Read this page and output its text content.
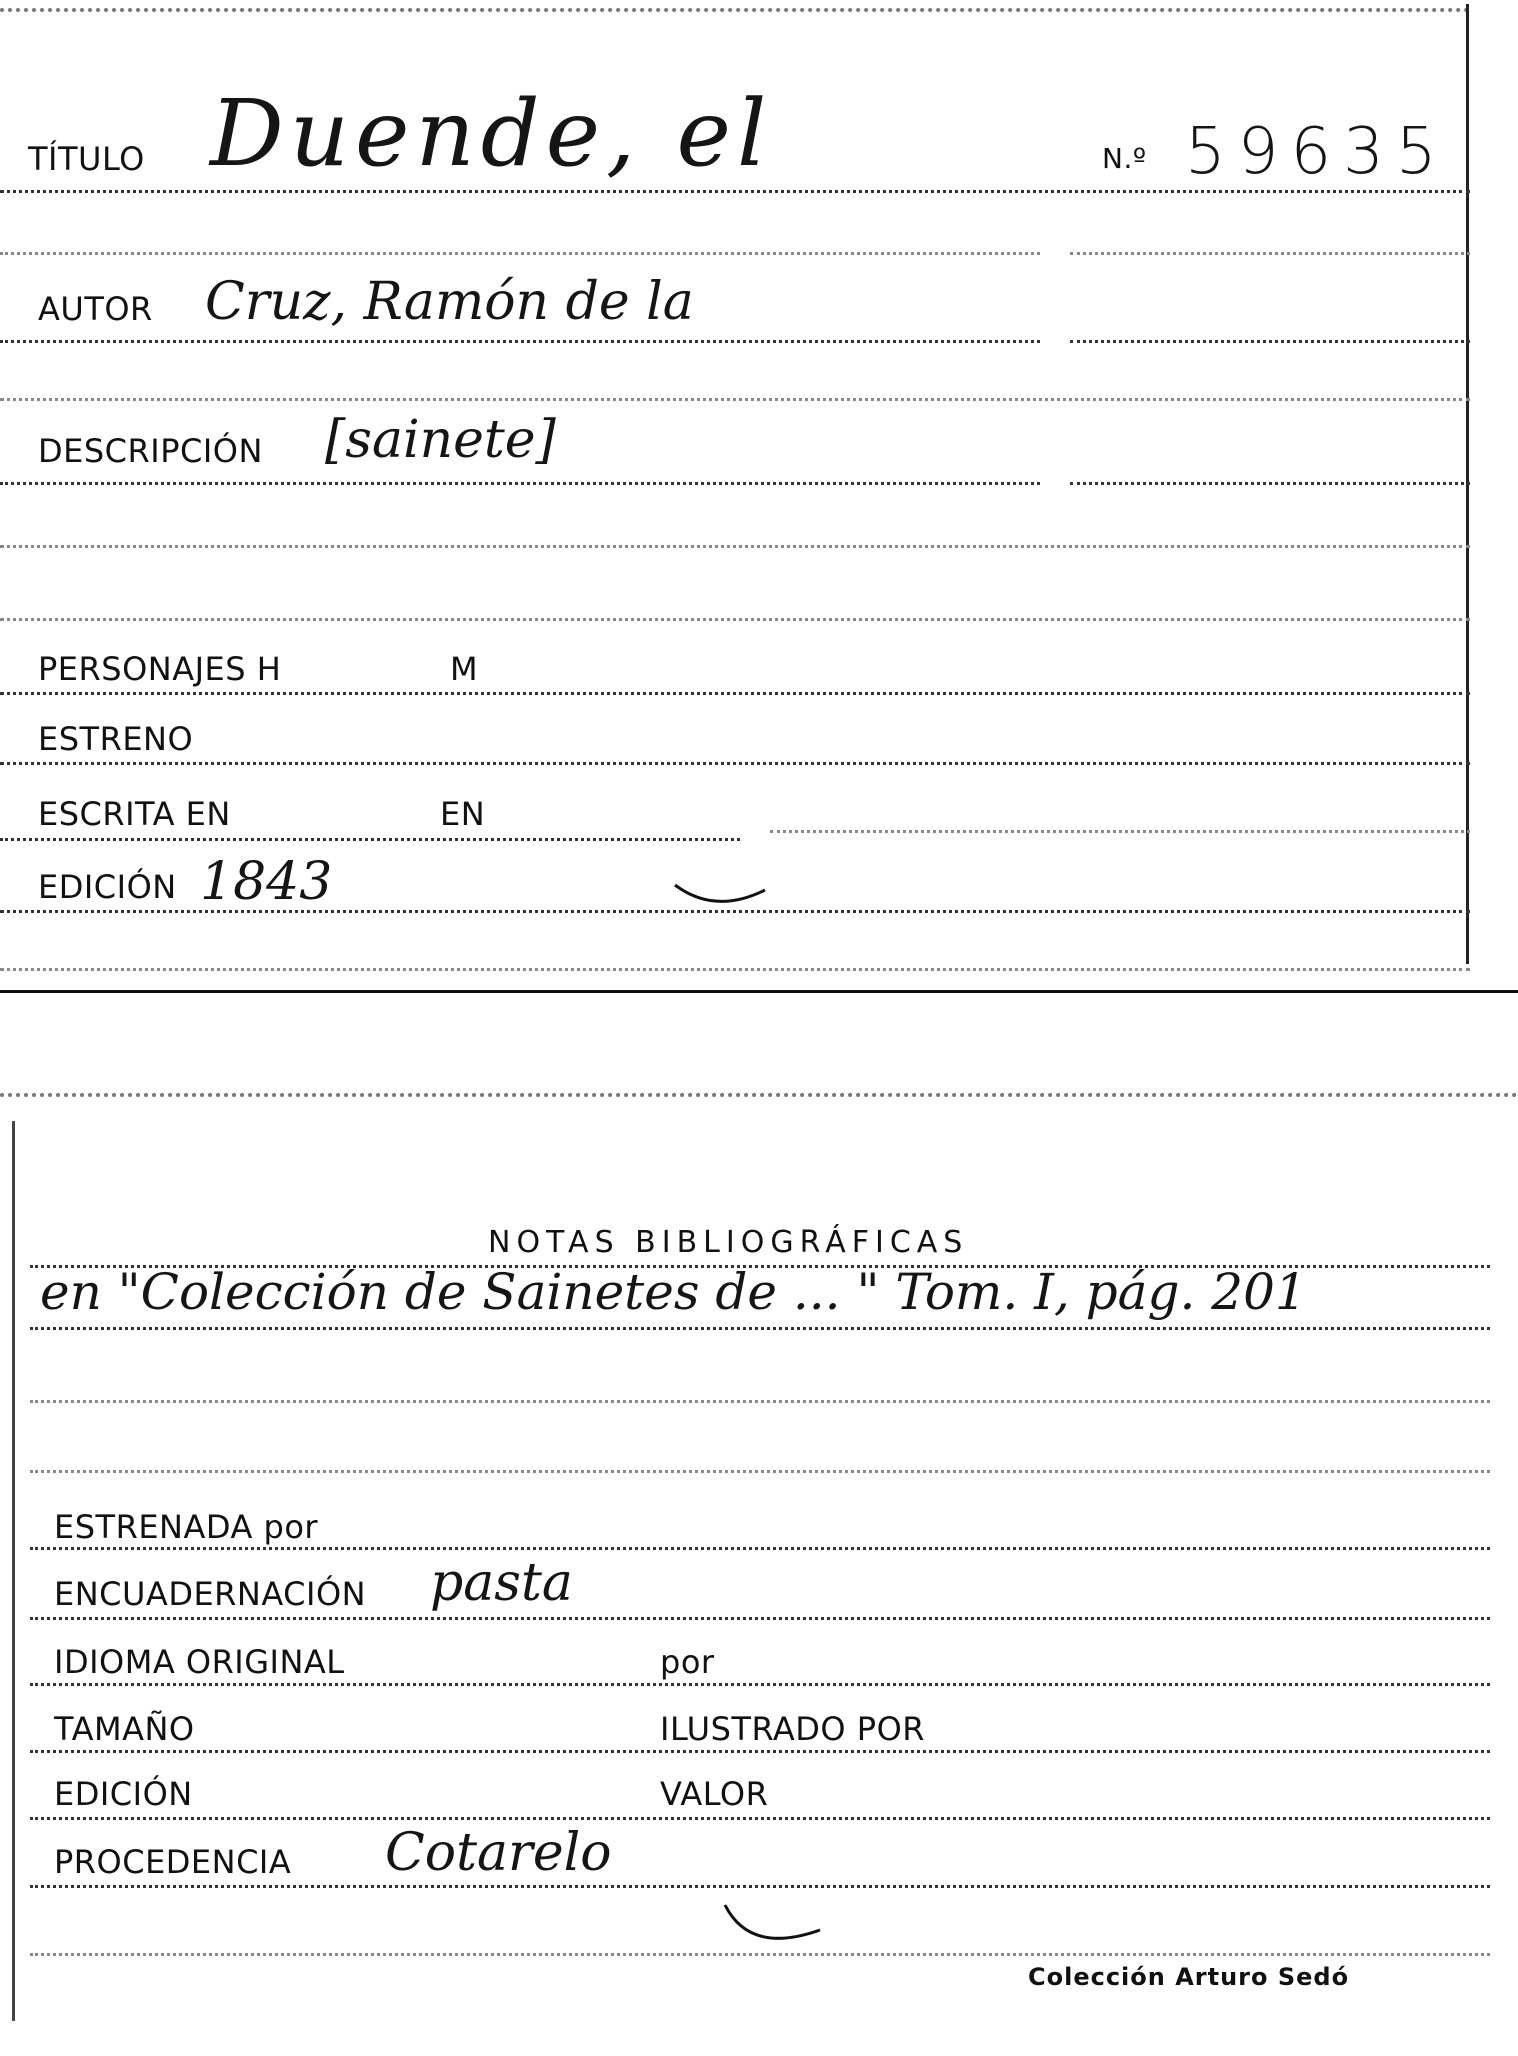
TÍTULO Duende, el	N.º 59635
AUTOR Cruz, Ramón de la
DESCRIPCIÓN [sainete]
PERSONAJES H	M
ESTRENO
ESCRITA EN	EN
EDICIÓN 1843
NOTAS BIBLIOGRÁFICAS
en "Colección de Sainetes de ... " Tom. I, pág. 201
ESTRENADA por
ENCUADERNACIÓN pasta
IDIOMA ORIGINAL	por
TAMAÑO	ILUSTRADO POR
EDICIÓN	VALOR
PROCEDENCIA Cotarelo
Colección Arturo Sedó
